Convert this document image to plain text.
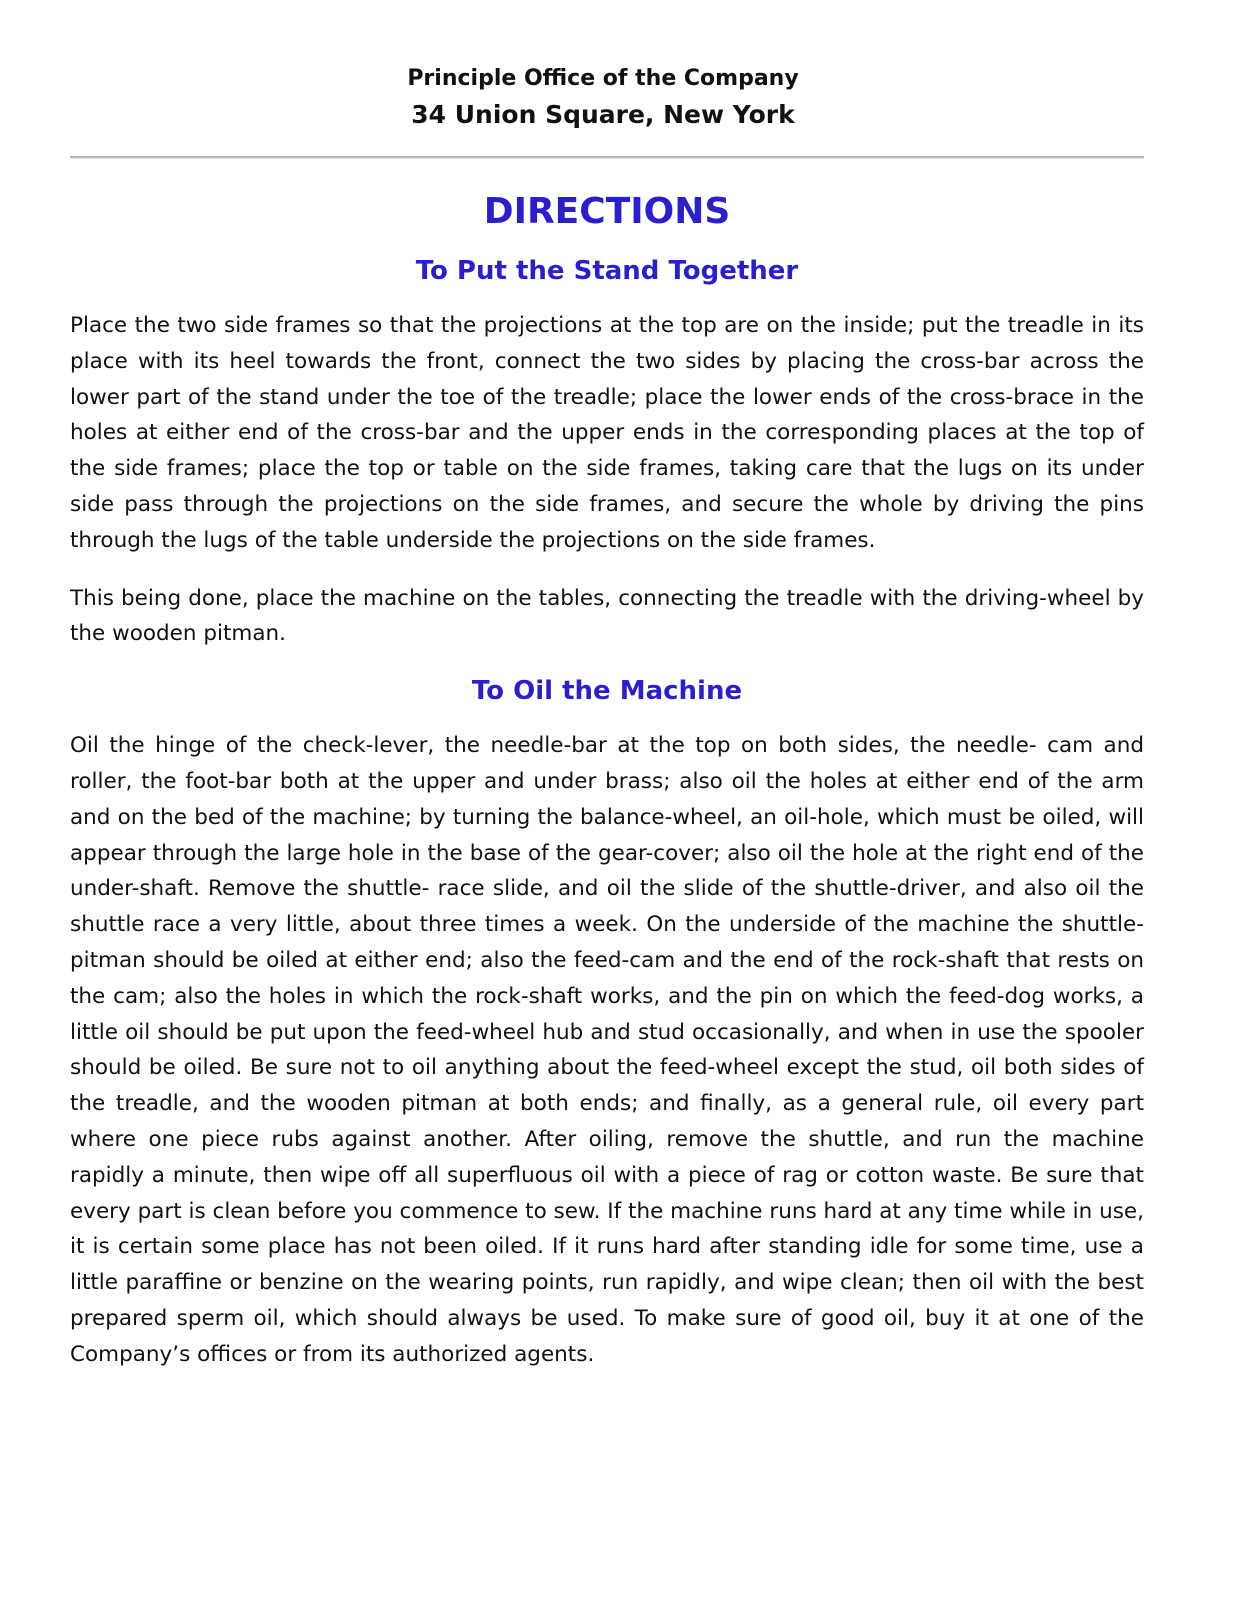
Principle Office of the Company
34 Union Square, New York
DIRECTIONS
To Put the Stand Together

Place the two side frames so that the projections at the top are on the inside; put the treadle in its place with its heel towards the front, connect the two sides by placing the cross-bar across the lower part of the stand under the toe of the treadle; place the lower ends of the cross-brace in the holes at either end of the cross-bar and the upper ends in the corresponding places at the top of the side frames; place the top or table on the side frames, taking care that the lugs on its under side pass through the projections on the side frames, and secure the whole by driving the pins through the lugs of the table underside the projections on the side frames.

This being done, place the machine on the tables, connecting the treadle with the driving-wheel by the wooden pitman.

To Oil the Machine

Oil the hinge of the check-lever, the needle-bar at the top on both sides, the needle- cam and roller, the foot-bar both at the upper and under brass; also oil the holes at either end of the arm and on the bed of the machine; by turning the balance-wheel, an oil-hole, which must be oiled, will appear through the large hole in the base of the gear-cover; also oil the hole at the right end of the under-shaft. Remove the shuttle- race slide, and oil the slide of the shuttle-driver, and also oil the shuttle race a very little, about three times a week. On the underside of the machine the shuttle-pitman should be oiled at either end; also the feed-cam and the end of the rock-shaft that rests on the cam; also the holes in which the rock-shaft works, and the pin on which the feed-dog works, a little oil should be put upon the feed-wheel hub and stud occasionally, and when in use the spooler should be oiled. Be sure not to oil anything about the feed-wheel except the stud, oil both sides of the treadle, and the wooden pitman at both ends; and finally, as a general rule, oil every part where one piece rubs against another. After oiling, remove the shuttle, and run the machine rapidly a minute, then wipe off all superfluous oil with a piece of rag or cotton waste. Be sure that every part is clean before you commence to sew. If the machine runs hard at any time while in use, it is certain some place has not been oiled. If it runs hard after standing idle for some time, use a little paraffine or benzine on the wearing points, run rapidly, and wipe clean; then oil with the best prepared sperm oil, which should always be used. To make sure of good oil, buy it at one of the Company’s offices or from its authorized agents.
